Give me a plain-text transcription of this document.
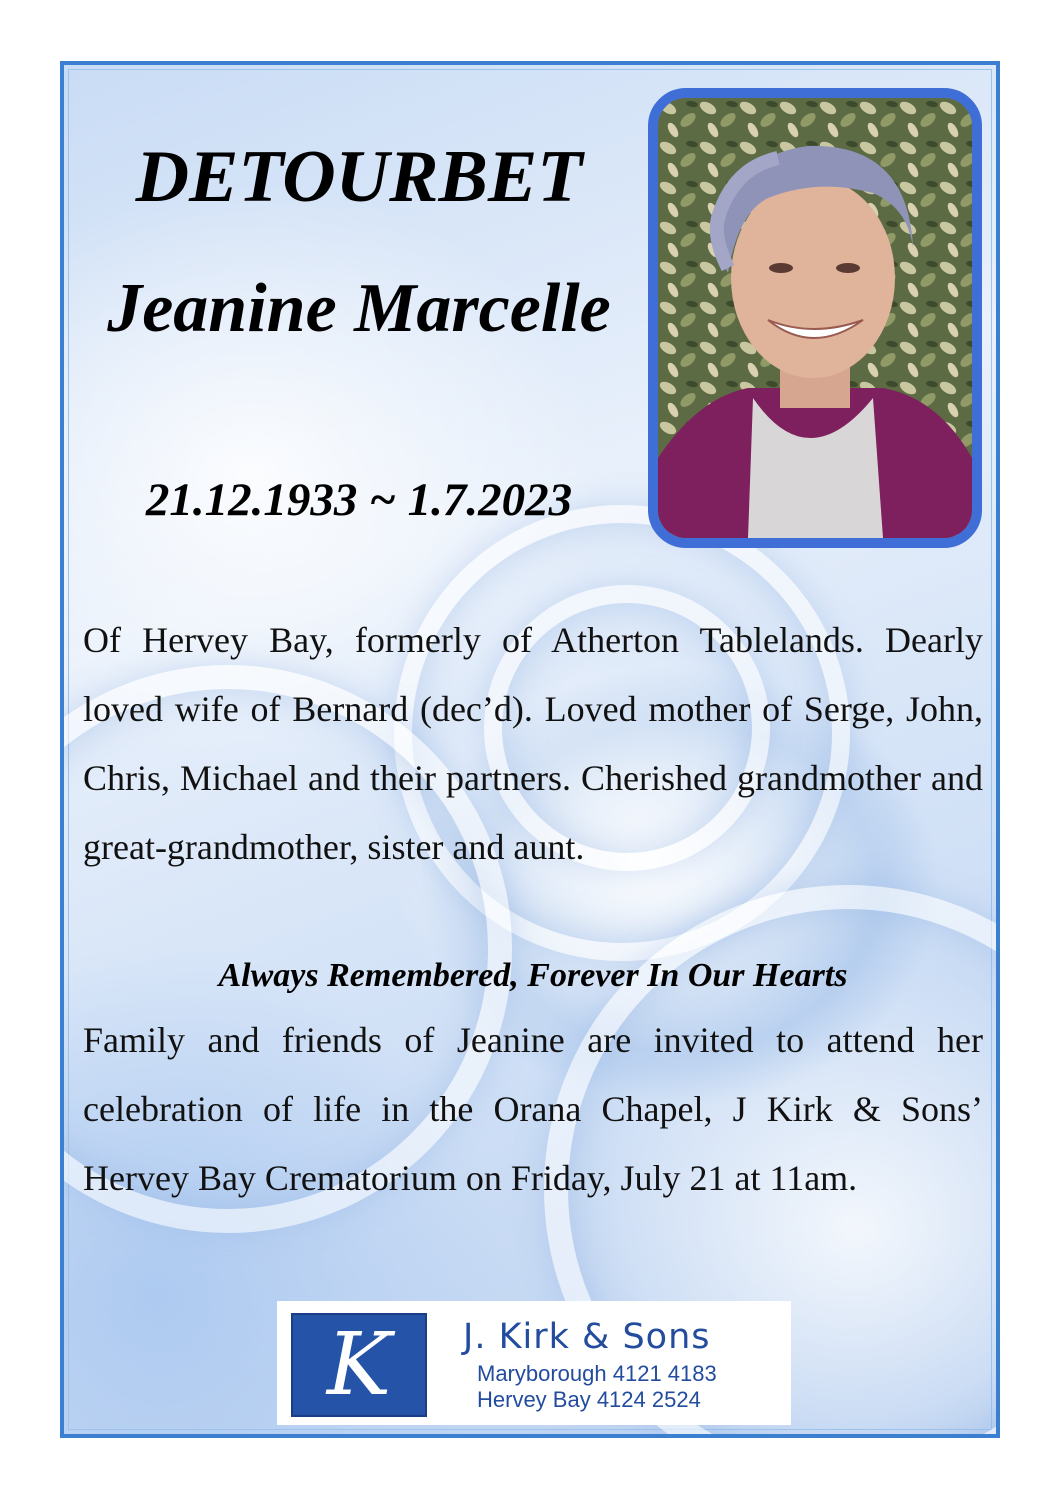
DETOURBET
Jeanine Marcelle
21.12.1933 ~ 1.7.2023

Of Hervey Bay, formerly of Atherton Tablelands. Dearly loved wife of Bernard (dec’d). Loved mother of Serge, John, Chris, Michael and their partners. Cherished grandmother and great-grandmother, sister and aunt.

Always Remembered, Forever In Our Hearts

Family and friends of Jeanine are invited to attend her celebration of life in the Orana Chapel, J Kirk & Sons’ Hervey Bay Crematorium on Friday, July 21 at 11am.

K	J. Kirk & Sons
Maryborough 4121 4183
Hervey Bay 4124 2524
